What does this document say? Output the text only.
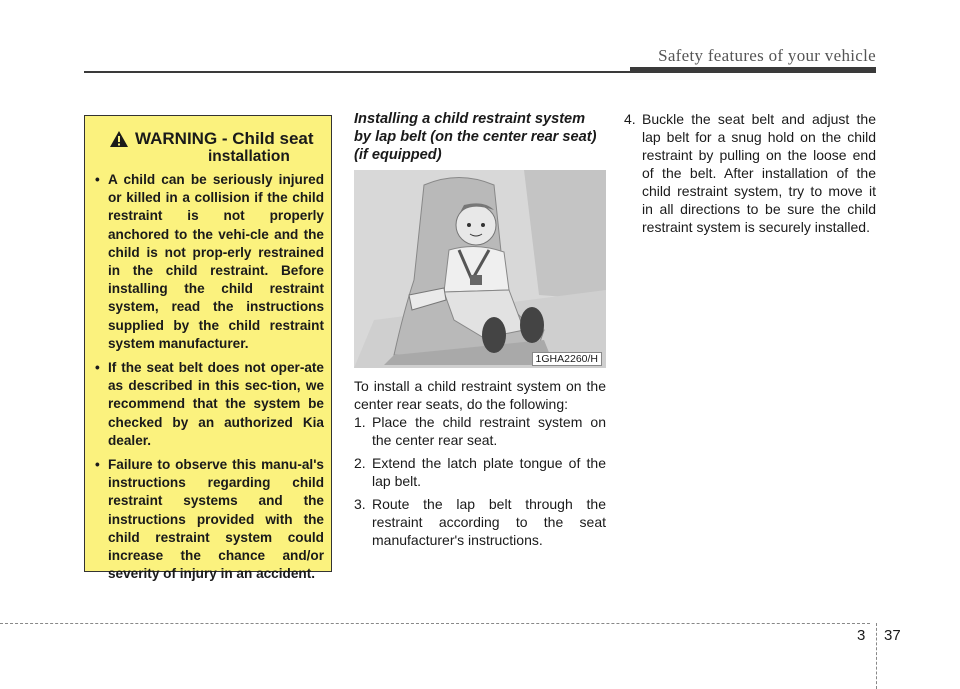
Safety features of your vehicle
WARNING - Child seat
installation
• A child can be seriously injured or killed in a collision if the child restraint is not properly anchored to the vehi-cle and the child is not prop-erly restrained in the child restraint. Before installing the child restraint system, read the instructions supplied by the child restraint system manufacturer.
• If the seat belt does not oper-ate as described in this sec-tion, we recommend that the system be checked by an authorized Kia dealer.
• Failure to observe this manu-al's instructions regarding child restraint systems and the instructions provided with the child restraint system could increase the chance and/or severity of injury in an accident.
Installing a child restraint system by lap belt (on the center rear seat) (if equipped)
1GHA2260/H
To install a child restraint system on the center rear seats, do the following:
1. Place the child restraint system on the center rear seat.
2. Extend the latch plate tongue of the lap belt.
3. Route the lap belt through the restraint according to the seat manufacturer's instructions.
4. Buckle the seat belt and adjust the lap belt for a snug hold on the child restraint by pulling on the loose end of the belt. After installation of the child restraint system, try to move it in all directions to be sure the child restraint system is securely installed.
3 37
